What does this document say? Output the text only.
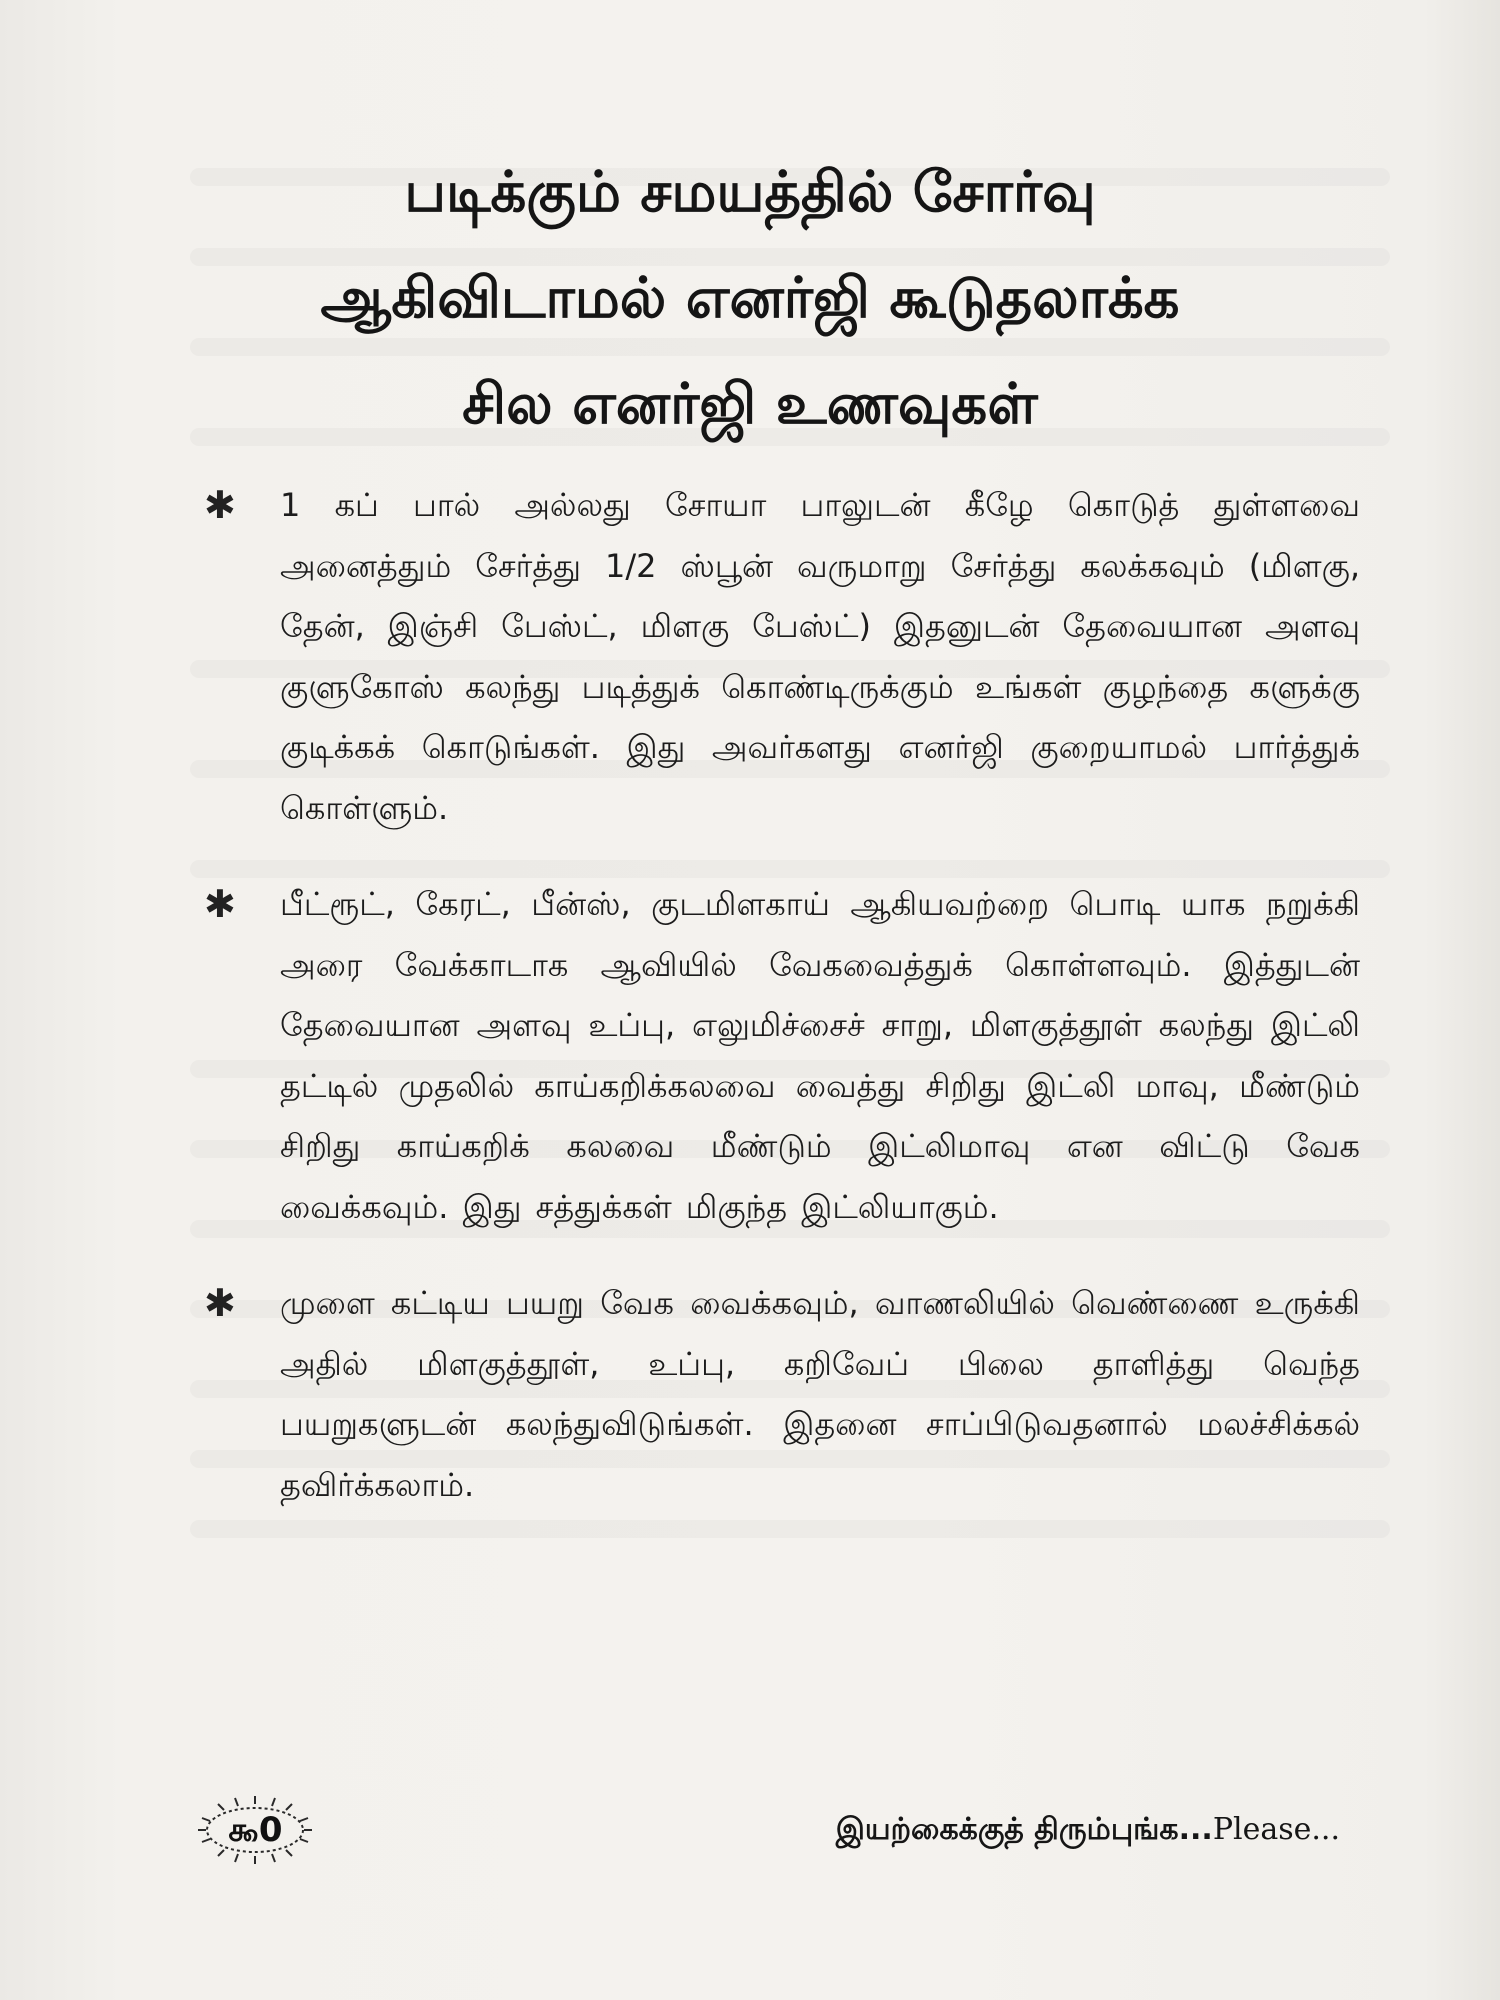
படிக்கும் சமயத்தில் சோர்வு
ஆகிவிடாமல் எனர்ஜி கூடுதலாக்க
சில எனர்ஜி உணவுகள்
✱ 1 கப் பால் அல்லது சோயா பாலுடன் கீழே கொடுத் துள்ளவை அனைத்தும் சேர்த்து 1/2 ஸ்பூன் வருமாறு சேர்த்து கலக்கவும் (மிளகு, தேன், இஞ்சி பேஸ்ட், மிளகு பேஸ்ட்) இதனுடன் தேவையான அளவு குளுகோஸ் கலந்து படித்துக் கொண்டிருக்கும் உங்கள் குழந்தை களுக்கு குடிக்கக் கொடுங்கள். இது அவர்களது எனர்ஜி குறையாமல் பார்த்துக் கொள்ளும்.
✱ பீட்ரூட், கேரட், பீன்ஸ், குடமிளகாய் ஆகியவற்றை பொடி யாக நறுக்கி அரை வேக்காடாக ஆவியில் வேகவைத்துக் கொள்ளவும். இத்துடன் தேவையான அளவு உப்பு, எலுமிச்சைச் சாறு, மிளகுத்தூள் கலந்து இட்லி தட்டில் முதலில் காய்கறிக்கலவை வைத்து சிறிது இட்லி மாவு, மீண்டும் சிறிது காய்கறிக் கலவை மீண்டும் இட்லிமாவு என விட்டு வேக வைக்கவும். இது சத்துக்கள் மிகுந்த இட்லியாகும்.
✱ முளை கட்டிய பயறு வேக வைக்கவும், வாணலியில் வெண்ணை உருக்கி அதில் மிளகுத்தூள், உப்பு, கறிவேப் பிலை தாளித்து வெந்த பயறுகளுடன் கலந்துவிடுங்கள். இதனை சாப்பிடுவதனால் மலச்சிக்கல் தவிர்க்கலாம்.
௯0	இயற்கைக்குத் திரும்புங்க...Please...
